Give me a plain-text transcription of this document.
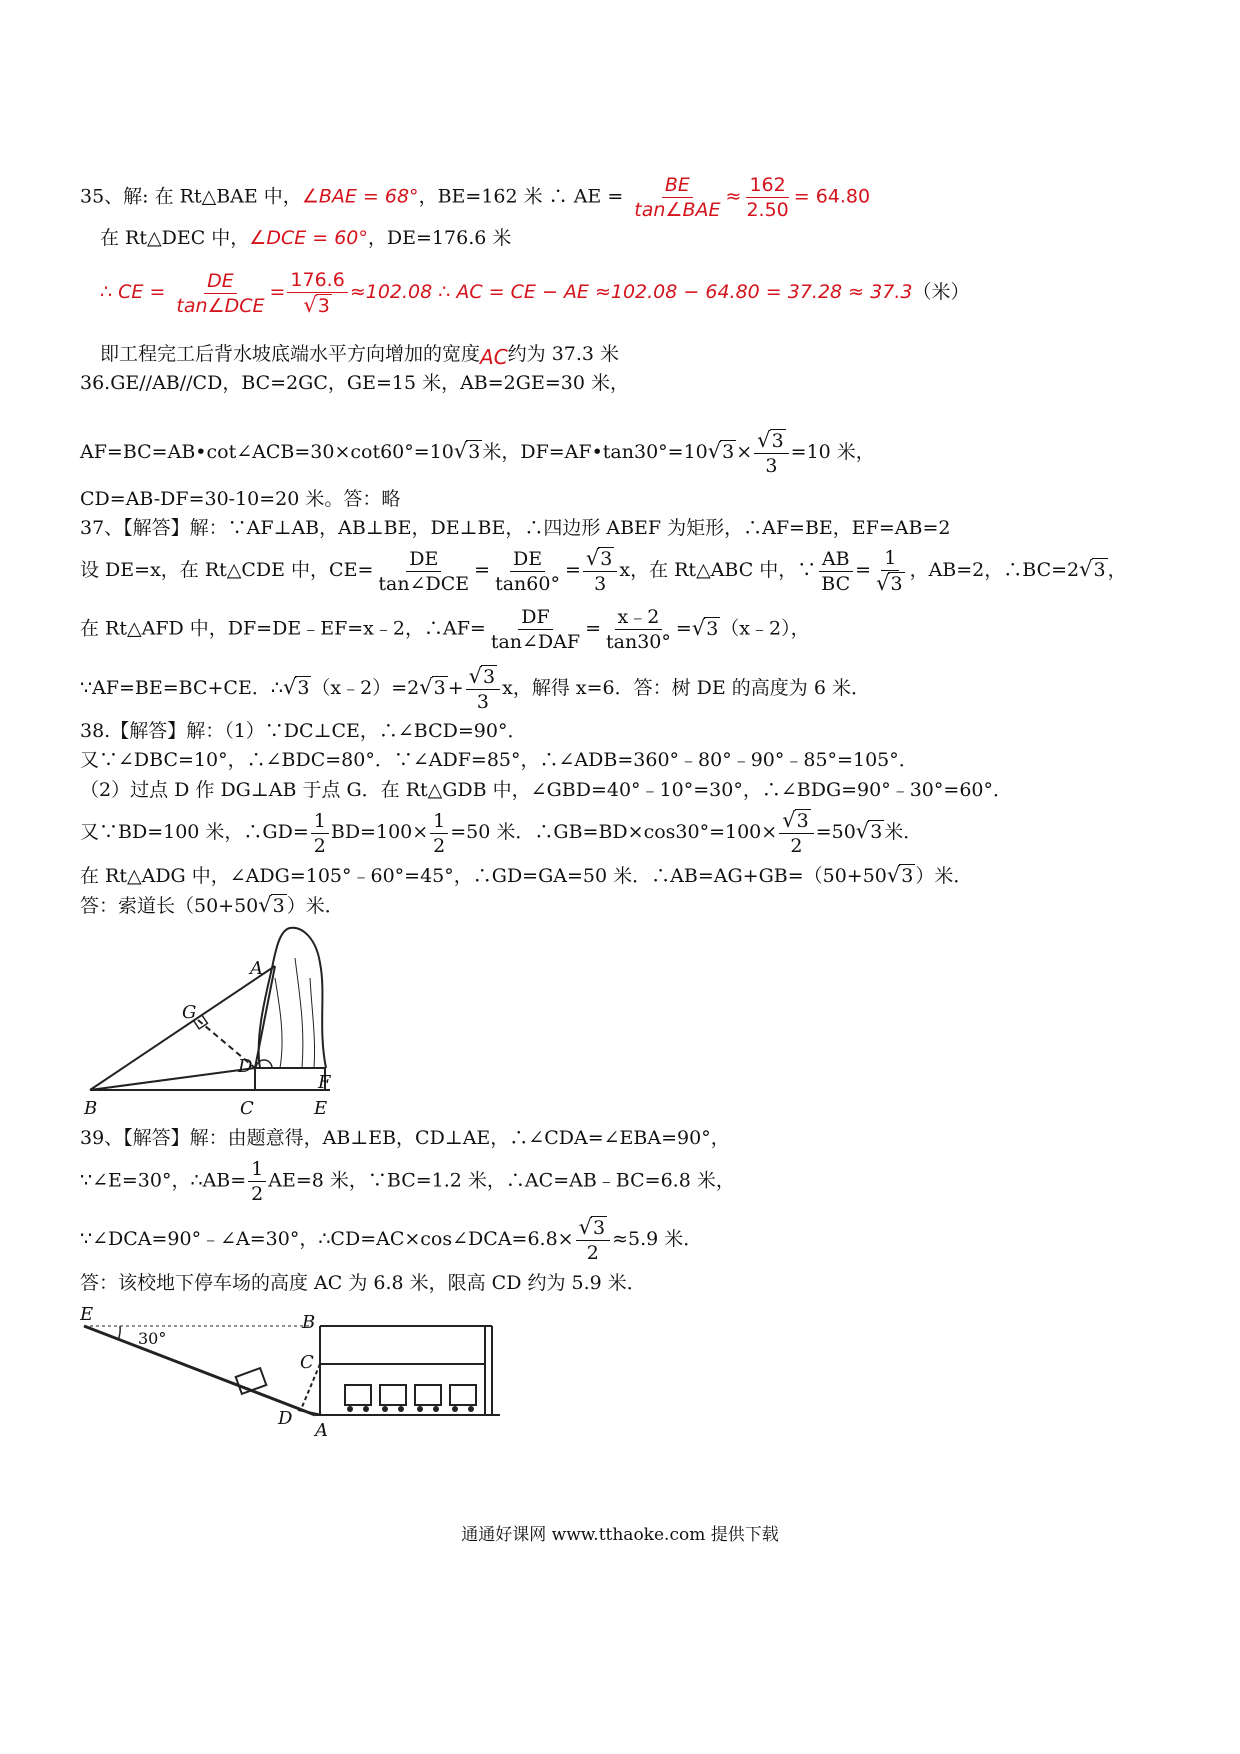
35、解: 在 Rt△BAE 中，∠BAE = 68°，BE=162 米 ∴ AE = $\frac{BE}{\text{tan∠BAE}} \approx \frac{162}{2.50} = 64.80$
在 Rt△DEC 中，∠DCE = 60°，DE=176.6 米
∴ CE = $\frac{DE}{\text{tan∠DCE}} = \frac{176.6}{√3} \approx 102.08$ ∴ AC = CE − AE ≈102.08 − 64.80 = 37.28 ≈ 37.3（米）
即工程完工后背水坡底端水平方向增加的宽度AC约为 37.3 米
36.GE//AB//CD，BC=2GC，GE=15 米，AB=2GE=30 米，
AF=BC=AB•cot∠ACB=30×cot60°=10√3 米，DF=AF•tan30°=10√3 × $\frac{√3}{3} =10$ 米，
CD=AB-DF=30-10=20 米。答：略
37、【解答】解：∵AF⊥AB，AB⊥BE，DE⊥BE，∴四边形 ABEF 为矩形，∴AF=BE，EF=AB=2
设 DE=x，在 Rt△CDE 中，$CE= \frac{DE}{\text{tan∠DCE}} = \frac{DE}{\tan 60^\circ} = \frac{√3}{3}$ x，在 Rt△ABC 中，∵ $\frac{AB}{BC} = \frac{1}{√3}$ ，AB=2，∴BC=2√3 ，
在 Rt△AFD 中，DF=DE﹣EF=x﹣2，∴AF= $\frac{DF}{\text{tan∠DAF}} = \frac{x﹣2}{\tan 30^\circ} =√3$ （x﹣2），
∵AF=BE=BC+CE．∴√3 （x﹣2）=2√3 + $\frac{√3}{3}$ x，解得 x=6．答：树 DE 的高度为 6 米．
38.【解答】解：（1）∵DC⊥CE，∴∠BCD=90°．
又∵∠DBC=10°，∴∠BDC=80°．∵∠ADF=85°，∴∠ADB=360°﹣80°﹣90°﹣85°=105°．
（2）过点 D 作 DG⊥AB 于点 G．在 Rt△GDB 中，∠GBD=40°﹣10°=30°，∴∠BDG=90°﹣30°=60°．
又∵BD=100 米，∴GD= $\frac{1}{2} BD=100\times \frac{1}{2} =50$ 米．∴GB=BD×cos30°=100× $\frac{√3}{2} =50√3$ 米．
在 Rt△ADG 中，∠ADG=105°﹣60°=45°，∴GD=GA=50 米．∴AB=AG+GB=（50+50√3 ）米．
答：索道长（50+50√3 ）米．
A
G
D
F
B	C	E
39、【解答】解：由题意得，AB⊥EB，CD⊥AE，∴∠CDA=∠EBA=90°，
∵∠E=30°，∴AB= $\frac{1}{2} AE=8$ 米，∵BC=1.2 米，∴AC=AB﹣BC=6.8 米，
∵∠DCA=90°﹣∠A=30°，∴CD=AC×cos∠DCA=6.8× $\frac{√3}{2} \approx 5.9$ 米．
答：该校地下停车场的高度 AC 为 6.8 米，限高 CD 约为 5.9 米．
E
30°
B
C
D
A
通通好课网 www.tthaoke.com 提供下载
